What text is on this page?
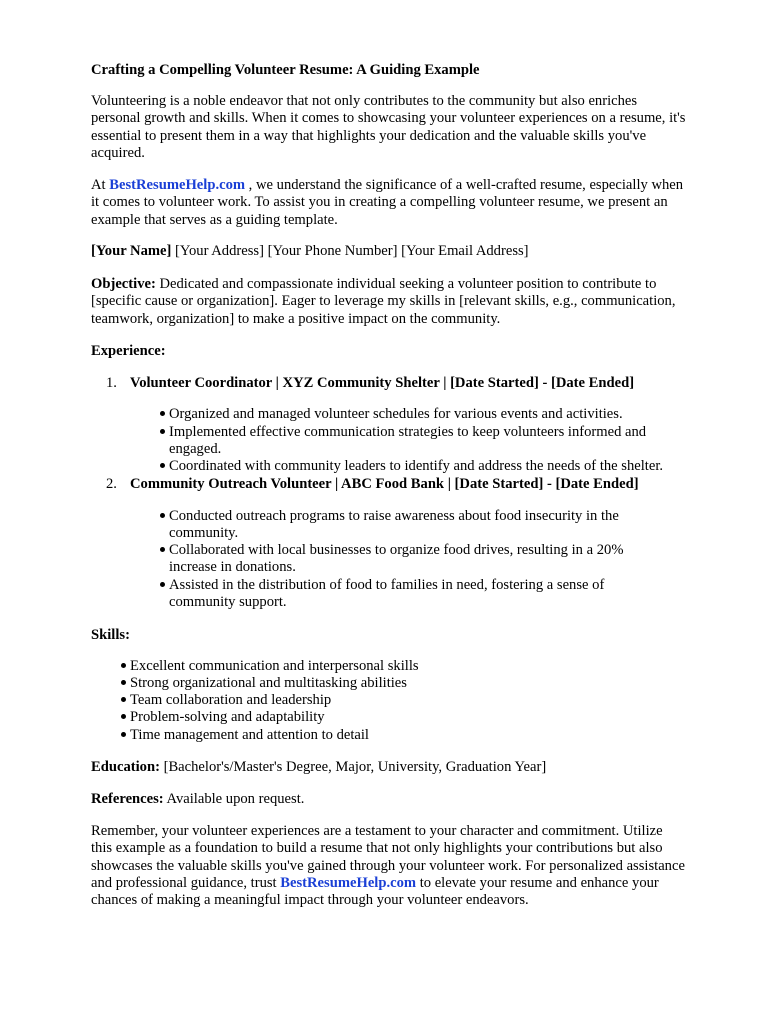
Crafting a Compelling Volunteer Resume: A Guiding Example
Volunteering is a noble endeavor that not only contributes to the community but also enriches
personal growth and skills. When it comes to showcasing your volunteer experiences on a resume, it's
essential to present them in a way that highlights your dedication and the valuable skills you've
acquired.
At BestResumeHelp.com , we understand the significance of a well-crafted resume, especially when
it comes to volunteer work. To assist you in creating a compelling volunteer resume, we present an
example that serves as a guiding template.
[Your Name] [Your Address] [Your Phone Number] [Your Email Address]
Objective: Dedicated and compassionate individual seeking a volunteer position to contribute to
[specific cause or organization]. Eager to leverage my skills in [relevant skills, e.g., communication,
teamwork, organization] to make a positive impact on the community.
Experience:
1. Volunteer Coordinator | XYZ Community Shelter | [Date Started] - [Date Ended]
Organized and managed volunteer schedules for various events and activities.
Implemented effective communication strategies to keep volunteers informed and
engaged.
Coordinated with community leaders to identify and address the needs of the shelter.
2. Community Outreach Volunteer | ABC Food Bank | [Date Started] - [Date Ended]
Conducted outreach programs to raise awareness about food insecurity in the
community.
Collaborated with local businesses to organize food drives, resulting in a 20%
increase in donations.
Assisted in the distribution of food to families in need, fostering a sense of
community support.
Skills:
Excellent communication and interpersonal skills
Strong organizational and multitasking abilities
Team collaboration and leadership
Problem-solving and adaptability
Time management and attention to detail
Education: [Bachelor's/Master's Degree, Major, University, Graduation Year]
References: Available upon request.
Remember, your volunteer experiences are a testament to your character and commitment. Utilize
this example as a foundation to build a resume that not only highlights your contributions but also
showcases the valuable skills you've gained through your volunteer work. For personalized assistance
and professional guidance, trust BestResumeHelp.com to elevate your resume and enhance your
chances of making a meaningful impact through your volunteer endeavors.
